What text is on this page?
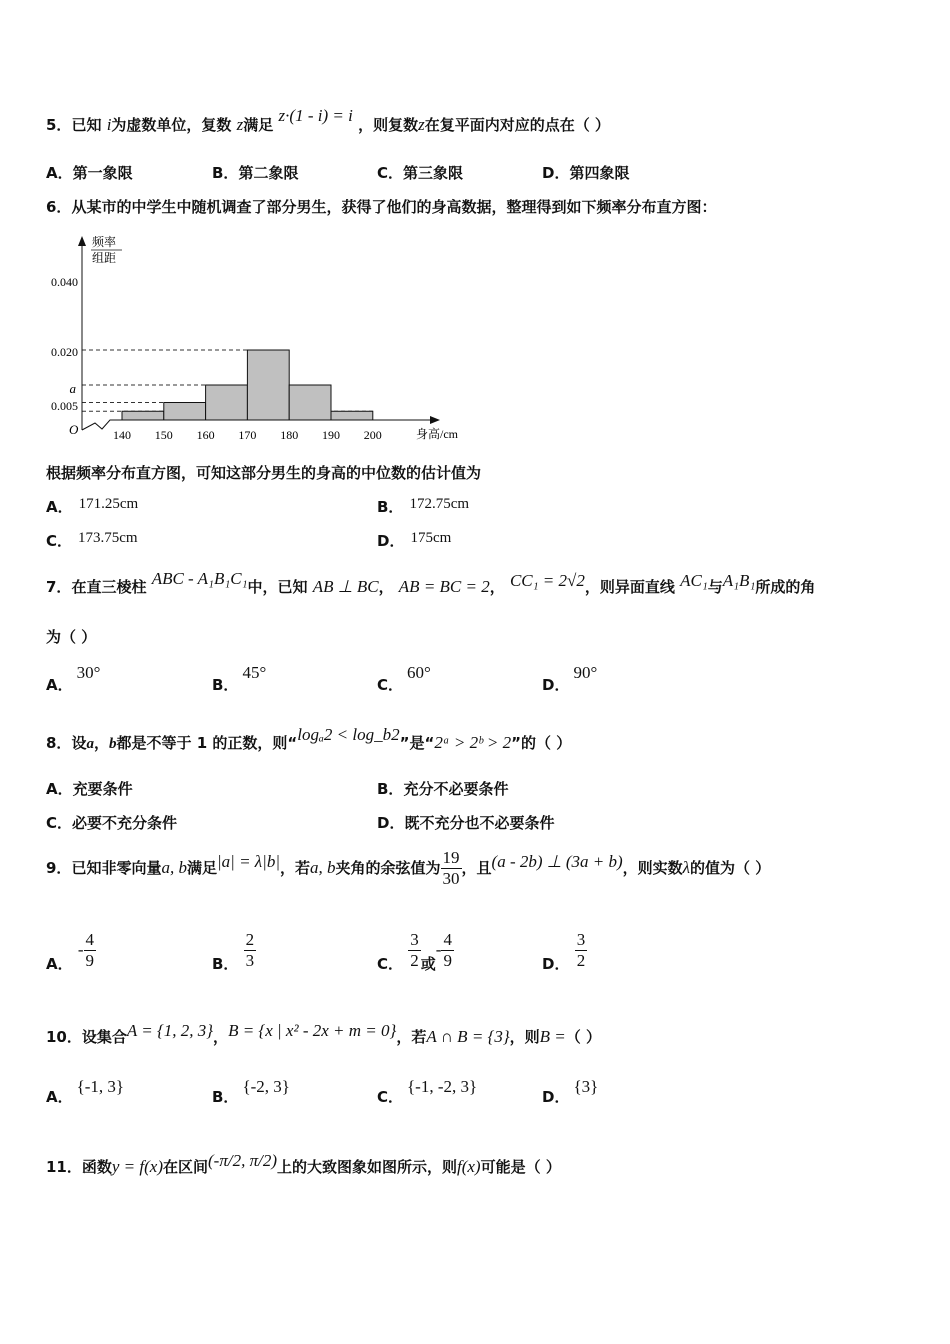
5．已知 i为虚数单位，复数 z满足 z·(1 - i) = i ，则复数z在复平面内对应的点在（ ）
A．第一象限	B．第二象限	C．第三象限	D．第四象限
6．从某市的中学生中随机调查了部分男生，获得了他们的身高数据，整理得到如下频率分布直方图：
频率
组距
0.040
0.020
a
0.005
O	140 150 160 170 180 190 200	身高/cm
根据频率分布直方图，可知这部分男生的身高的中位数的估计值为
A． 171.25cm	B． 172.75cm
C． 173.75cm	D． 175cm
7．在直三棱柱 ABC - A₁B₁C₁中，已知 AB ⊥ BC， AB = BC = 2， CC₁ = 2√2，则异面直线 AC₁与A₁B₁所成的角
为（ ）
A．30°
B．45°
C．60°
D．90°
8．设a，b都是不等于 1 的正数，则“logₐ2 < log_b2”是“2ᵃ > 2ᵇ > 2”的（ ）
A．充要条件	B．充分不必要条件
C．必要不充分条件	D．既不充分也不必要条件
9．已知非零向量a, b满足|a| = λ|b|，若a, b夹角的余弦值为 $\frac{19}{30}$ ，且(a - 2b) ⊥ (3a + b)，则实数λ的值为（ ）
A． - $\frac{4}{9}$	B． $\frac{2}{3}$	C． $\frac{3}{2}$ 或- $\frac{4}{9}$	D． $\frac{3}{2}$
10．设集合A = {1, 2, 3}，B = {x | x² - 2x + m = 0}，若A ∩ B = {3}，则B =（ ）
A．{-1, 3}
B．{-2, 3}
C．{-1, -2, 3}
D．{3}
11．函数y = f(x)在区间(-π/2, π/2)上的大致图象如图所示，则f(x)可能是（ ）
